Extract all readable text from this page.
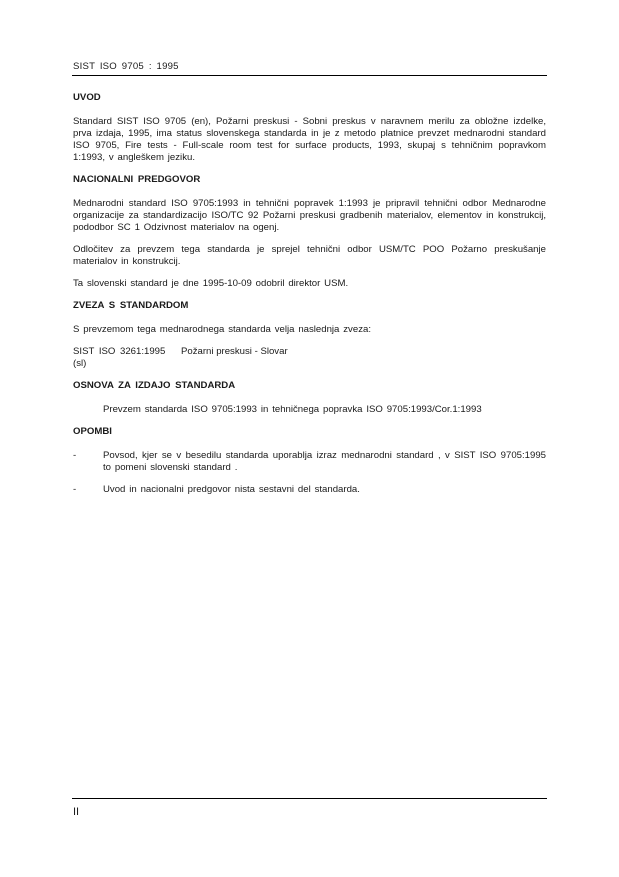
SIST ISO 9705 : 1995
UVOD

Standard SIST ISO 9705 (en), Požarni preskusi - Sobni preskus v naravnem merilu za obložne izdelke, prva izdaja, 1995, ima status slovenskega standarda in je z metodo platnice prevzet mednarodni standard ISO 9705, Fire tests - Full-scale room test for surface products, 1993, skupaj s tehničnim popravkom 1:1993, v angleškem jeziku.

NACIONALNI PREDGOVOR

Mednarodni standard ISO 9705:1993 in tehnični popravek 1:1993 je pripravil tehnični odbor Mednarodne organizacije za standardizacijo ISO/TC 92 Požarni preskusi gradbenih materialov, elementov in konstrukcij, pododbor SC 1 Odzivnost materialov na ogenj.

Odločitev za prevzem tega standarda je sprejel tehnični odbor USM/TC POO Požarno preskušanje materialov in konstrukcij.

Ta slovenski standard je dne 1995-10-09 odobril direktor USM.

ZVEZA S STANDARDOM

S prevzemom tega mednarodnega standarda velja naslednja zveza:

SIST ISO 3261:1995 (sl)
Požarni preskusi - Slovar
OSNOVA ZA IZDAJO STANDARDA

Prevzem standarda ISO 9705:1993 in tehničnega popravka ISO 9705:1993/Cor.1:1993

OPOMBI
-	Povsod, kjer se v besedilu standarda uporablja izraz mednarodni standard , v SIST ISO 9705:1995 to pomeni slovenski standard .
-	Uvod in nacionalni predgovor nista sestavni del standarda.
II
